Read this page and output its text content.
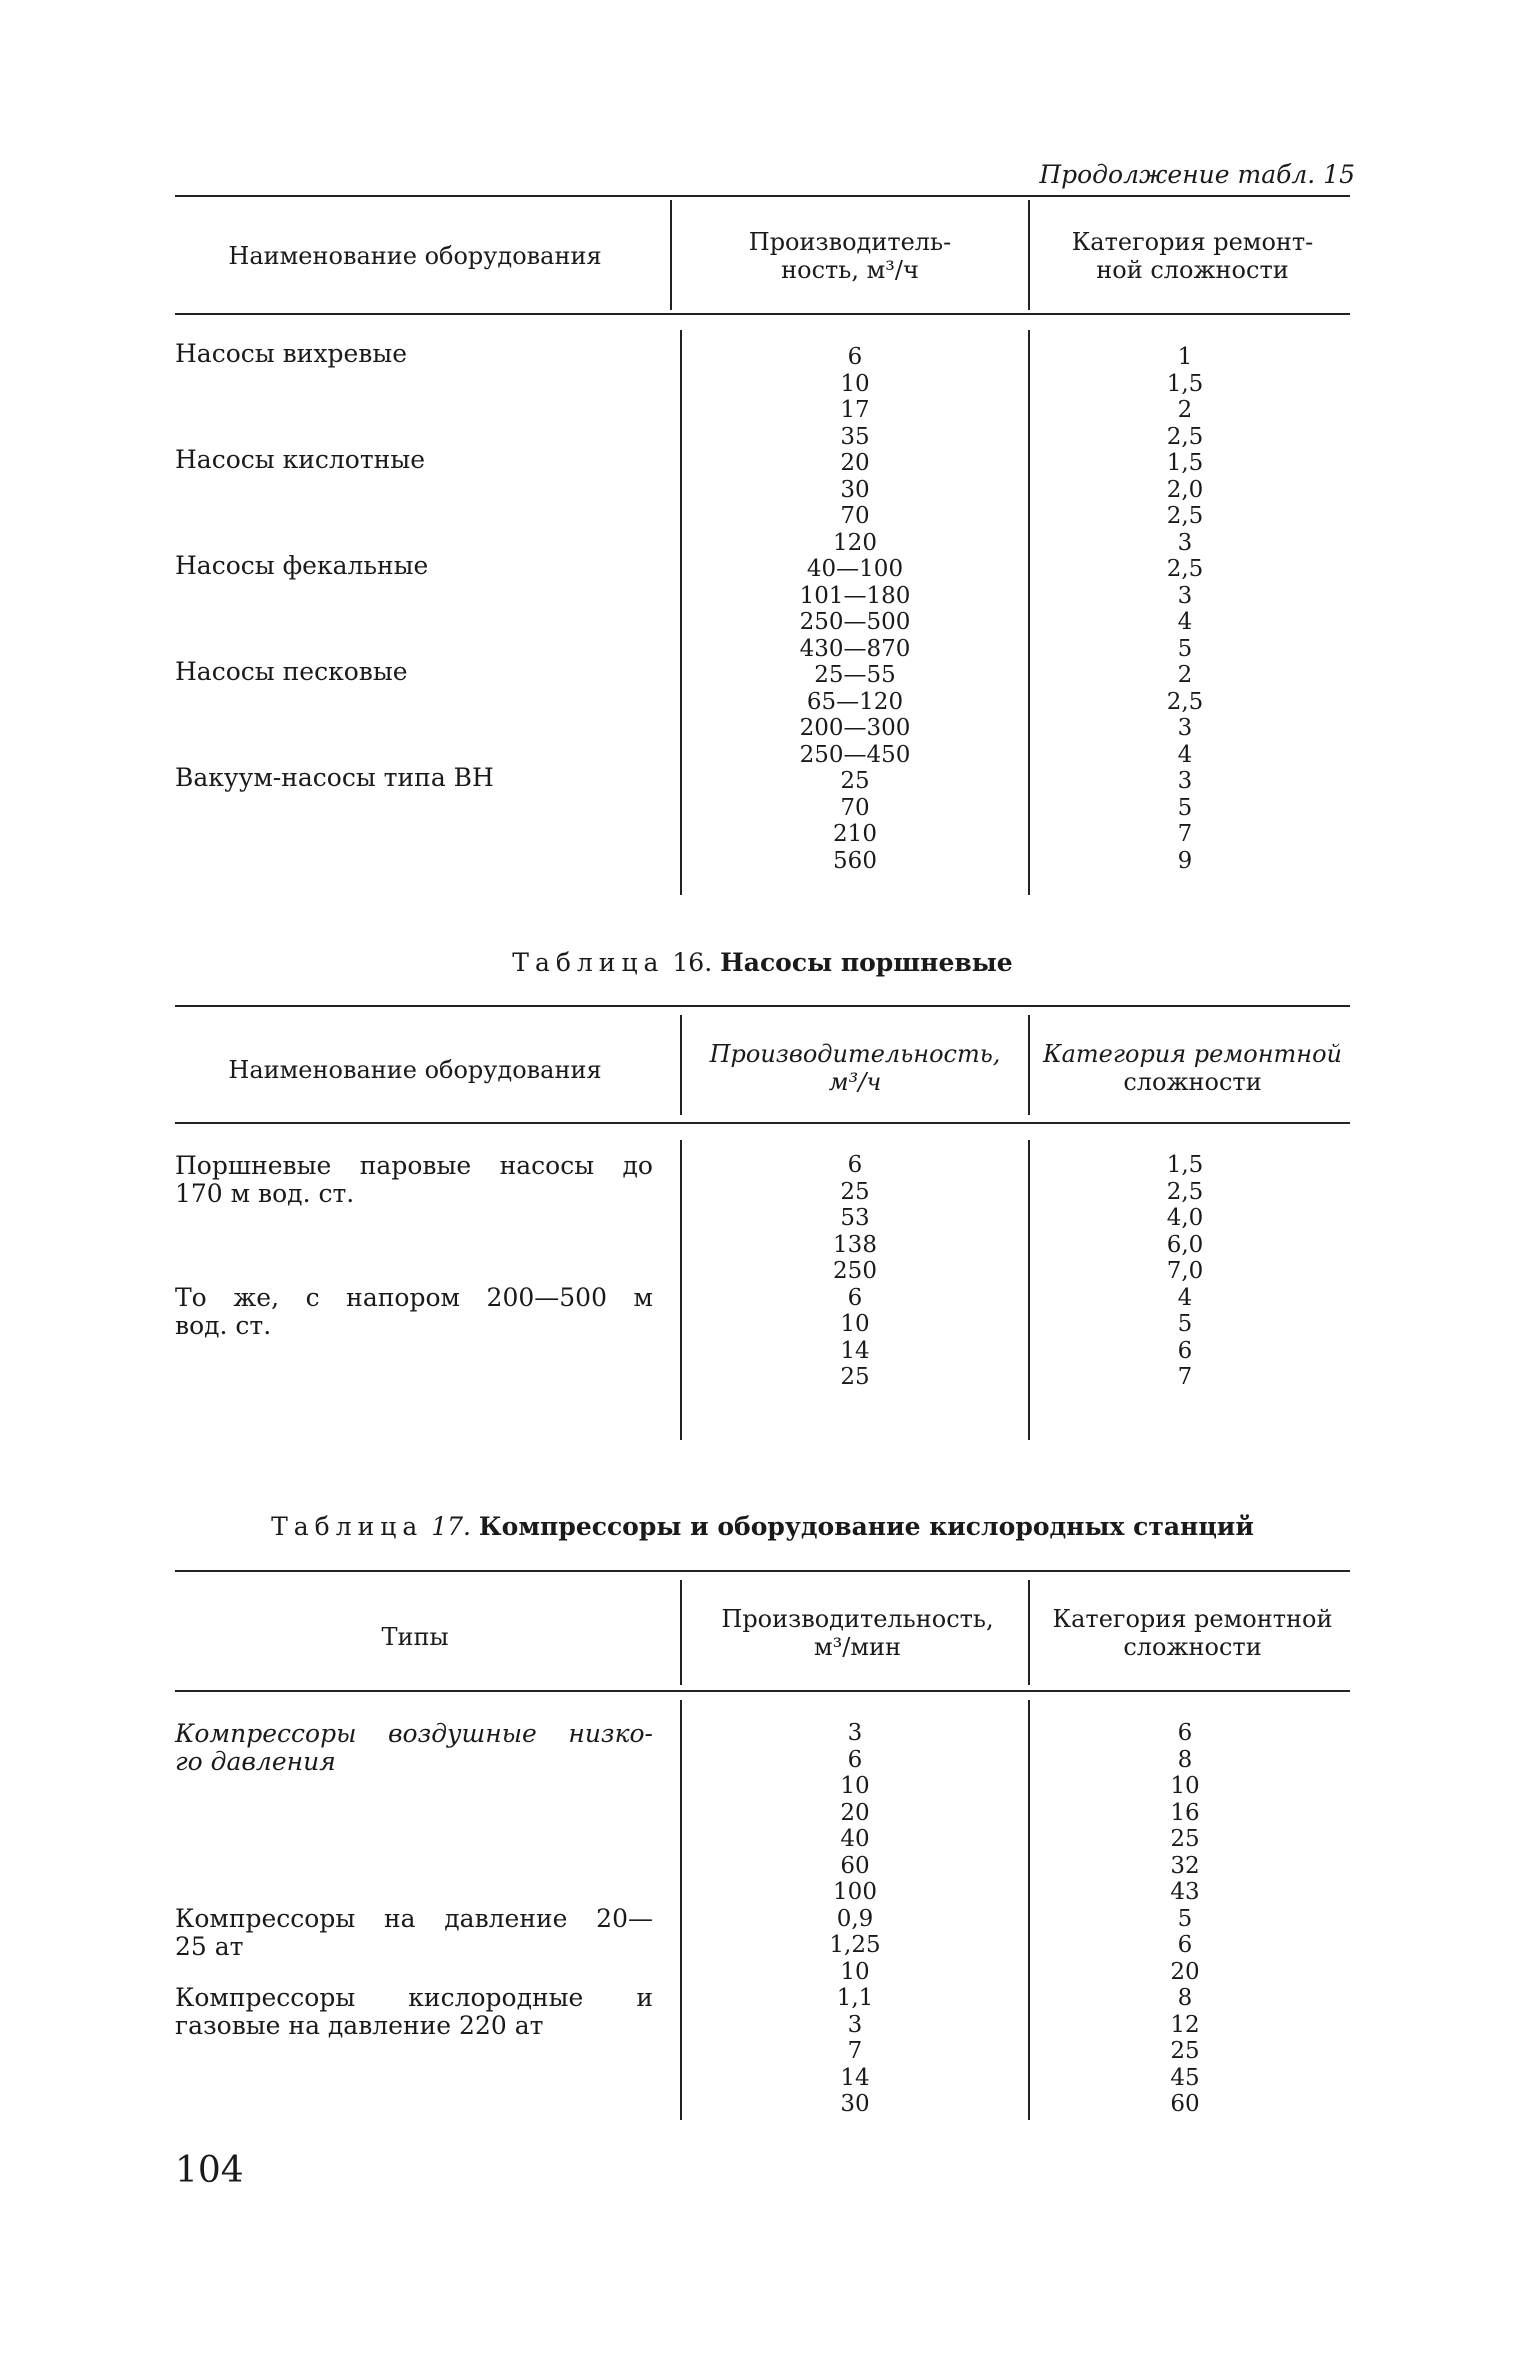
Продолжение табл. 15
Наименование оборудования	Производитель-
ность, м³/ч
Категория ремонт-
ной сложности
Насосы вихревые
Насосы кислотные
Насосы фекальные
Насосы песковые
Вакуум-насосы типа ВН
6
10
17
35
20
30
70
120
40—100
101—180
250—500
430—870
25—55
65—120
200—300
250—450
25
70
210
560
1
1,5
2
2,5
1,5
2,0
2,5
3
2,5
3
4
5
2
2,5
3
4
3
5
7
9
Таблица 16. Насосы поршневые
Наименование оборудования
Производительность,
м³/ч
Категория ремонтной
сложности
Поршневые паровые насосы до
170 м вод. ст.
То же, с напором 200—500 м
вод. ст.
6
25
53
138
250
6
10
14
25
1,5
2,5
4,0
6,0
7,0
4
5
6
7
Таблица 17. Компрессоры и оборудование кислородных станций
Типы
Производительность,
м³/мин
Категория ремонтной
сложности
Компрессоры воздушные низко-
го давления
Компрессоры на давление 20—
25 ат
Компрессоры кислородные и
газовые на давление 220 ат
3
6
10
20
40
60
100
0,9
1,25
10
1,1
3
7
14
30
6
8
10
16
25
32
43
5
6
20
8
12
25
45
60
104
